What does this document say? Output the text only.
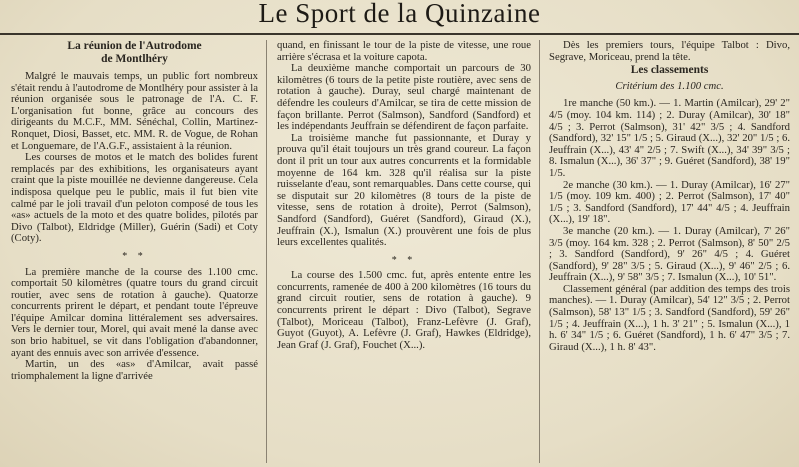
Le Sport de la Quinzaine
La réunion de l'Autrodome
de Montlhéry

Malgré le mauvais temps, un public fort nombreux s'était rendu à l'autodrome de Montlhéry pour assister à la réunion organisée sous le patronage de l'A. C. F. L'organisation fut bonne, grâce au concours des dirigeants du M.C.F., MM. Sénéchal, Collin, Martinez-Ronquet, Diosi, Basset, etc. MM. R. de Vogue, de Rohan et Longuemare, de l'A.G.F., assistaient à la réunion.

Les courses de motos et le match des bolides furent remplacés par des exhibitions, les organisateurs ayant craint que la piste mouillée ne devienne dangereuse. Cela indisposa quelque peu le public, mais il fut bien vite calmé par le joli travail d'un peloton composé de tous les «as» actuels de la moto et des quatre bolides, pilotés par Divo (Talbot), Eldridge (Miller), Guérin (Sadi) et Coty (Coty).

* *

La première manche de la course des 1.100 cmc. comportait 50 kilomètres (quatre tours du grand circuit routier, avec sens de rotation à gauche). Quatorze concurrents prirent le départ, et pendant toute l'épreuve l'équipe Amilcar domina littéralement ses adversaires. Vers le dernier tour, Morel, qui avait mené la danse avec son brio habituel, se vit dans l'obligation d'abandonner, ayant des ennuis avec son arrivée d'essence.

Martin, un des «as» d'Amilcar, avait passé triomphalement la ligne d'arrivée

quand, en finissant le tour de la piste de vitesse, une roue arrière s'écrasa et la voiture capota.

La deuxième manche comportait un parcours de 30 kilomètres (6 tours de la petite piste routière, avec sens de rotation à gauche). Duray, seul chargé maintenant de défendre les couleurs d'Amilcar, se tira de cette mission de façon brillante. Perrot (Salmson), Sandford (Sandford) et les indépendants Jeuffrain se défendirent de façon parfaite.

La troisième manche fut passionnante, et Duray y prouva qu'il était toujours un très grand coureur. La façon dont il prit un tour aux autres concurrents et la formidable moyenne de 164 km. 328 qu'il réalisa sur la piste ruisselante d'eau, sont remarquables. Dans cette course, qui se disputait sur 20 kilomètres (8 tours de la piste de vitesse, sens de rotation à droite), Perrot (Salmson), Sandford (Sandford), Guéret (Sandford), Giraud (X.), Jeuffrain (X.), Ismalun (X.) prouvèrent une fois de plus leurs excellentes qualités.

* *

La course des 1.500 cmc. fut, après entente entre les concurrents, ramenée de 400 à 200 kilomètres (16 tours du grand circuit routier, sens de rotation à gauche). 9 concurrents prirent le départ : Divo (Talbot), Segrave (Talbot), Moriceau (Talbot), Franz-Lefèvre (J. Graf), Guyot (Guyot), A. Lefèvre (J. Graf), Hawkes (Eldridge), Jean Graf (J. Graf), Fouchet (X...).

Dès les premiers tours, l'équipe Talbot : Divo, Segrave, Moriceau, prend la tête.

Les classements
Critérium des 1.100 cmc.

1re manche (50 km.). — 1. Martin (Amilcar), 29' 2" 4/5 (moy. 104 km. 114) ; 2. Duray (Amilcar), 30' 18" 4/5 ; 3. Perrot (Salmson), 31' 42" 3/5 ; 4. Sandford (Sandford), 32' 15" 1/5 ; 5. Giraud (X...), 32' 20" 1/5 ; 6. Jeuffrain (X...), 43' 4" 2/5 ; 7. Swift (X...), 34' 39" 3/5 ; 8. Ismalun (X...), 36' 37" ; 9. Guéret (Sandford), 38' 19" 1/5.

2e manche (30 km.). — 1. Duray (Amilcar), 16' 27" 1/5 (moy. 109 km. 400) ; 2. Perrot (Salmson), 17' 40" 1/5 ; 3. Sandford (Sandford), 17' 44" 4/5 ; 4. Jeuffrain (X...), 19' 18".

3e manche (20 km.). — 1. Duray (Amilcar), 7' 26" 3/5 (moy. 164 km. 328 ; 2. Perrot (Salmson), 8' 50" 2/5 ; 3. Sandford (Sandford), 9' 26" 4/5 ; 4. Guéret (Sandford), 9' 28" 3/5 ; 5. Giraud (X...), 9' 46" 2/5 ; 6. Jeuffrain (X...), 9' 58" 3/5 ; 7. Ismalun (X...), 10' 51".

Classement général (par addition des temps des trois manches). — 1. Duray (Amilcar), 54' 12" 3/5 ; 2. Perrot (Salmson), 58' 13" 1/5 ; 3. Sandford (Sandford), 59' 26" 1/5 ; 4. Jeuffrain (X...), 1 h. 3' 21" ; 5. Ismalun (X...), 1 h. 6' 34" 1/5 ; 6. Guéret (Sandford), 1 h. 6' 47" 3/5 ; 7. Giraud (X...), 1 h. 8' 43".
